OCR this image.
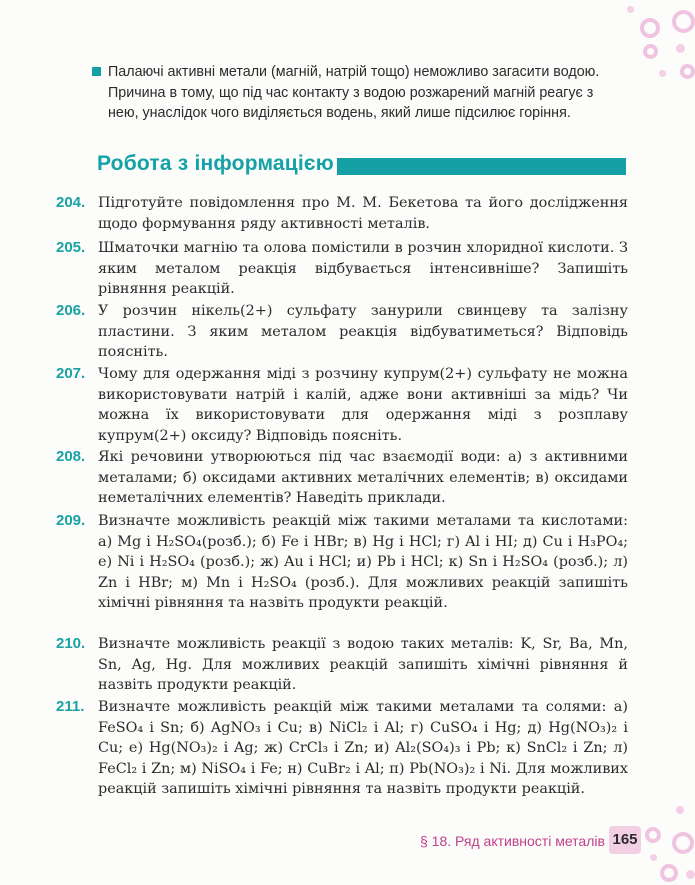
Палаючі активні метали (магній, натрій тощо) неможливо загасити водою. Причина в тому, що під час контакту з водою розжарений магній реагує з нею, унаслідок чого виділяється водень, який лише підсилює горіння.
Робота з інформацією
204. Підготуйте повідомлення про М. М. Бекетова та його дослідження щодо формування ряду активності металів.
205. Шматочки магнію та олова помістили в розчин хлоридної кислоти. З яким металом реакція відбувається інтенсивніше? Запишіть рівняння реакцій.
206. У розчин нікель(2+) сульфату занурили свинцеву та залізну пластини. З яким металом реакція відбуватиметься? Відповідь поясніть.
207. Чому для одержання міді з розчину купрум(2+) сульфату не можна використовувати натрій і калій, адже вони активніші за мідь? Чи можна їх використовувати для одержання міді з розплаву купрум(2+) оксиду? Відповідь поясніть.
208. Які речовини утворюються під час взаємодії води: а) з активними металами; б) оксидами активних металічних елементів; в) оксидами неметалічних елементів? Наведіть приклади.
209. Визначте можливість реакцій між такими металами та кислотами: а) Mg і H₂SO₄(розб.); б) Fe і HBr; в) Hg і HCl; г) Al і HI; д) Cu і H₃PO₄; е) Ni і H₂SO₄ (розб.); ж) Au і HCl; и) Pb і HCl; к) Sn і H₂SO₄ (розб.); л) Zn і HBr; м) Mn і H₂SO₄ (розб.). Для можливих реакцій запишіть хімічні рівняння та назвіть продукти реакцій.
210. Визначте можливість реакції з водою таких металів: K, Sr, Ba, Mn, Sn, Ag, Hg. Для можливих реакцій запишіть хімічні рівняння й назвіть продукти реакцій.
211. Визначте можливість реакцій між такими металами та солями: а) FeSO₄ і Sn; б) AgNO₃ і Cu; в) NiCl₂ і Al; г) CuSO₄ і Hg; д) Hg(NO₃)₂ і Cu; е) Hg(NO₃)₂ і Ag; ж) CrCl₃ і Zn; и) Al₂(SO₄)₃ і Pb; к) SnCl₂ і Zn; л) FeCl₂ і Zn; м) NiSO₄ і Fe; н) CuBr₂ і Al; п) Pb(NO₃)₂ і Ni. Для можливих реакцій запишіть хімічні рівняння та назвіть продукти реакцій.
§ 18. Ряд активності металів 165
